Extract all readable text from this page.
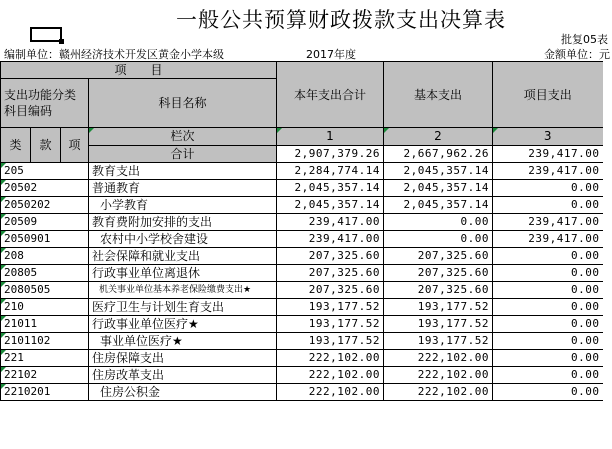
一般公共预算财政拨款支出决算表
批复05表
编制单位：赣州经济技术开发区黄金小学本级	2017年度	金额单位：元
项　　目				本年支出合计	基本支出	项目支出
支出功能分类科目编码			科目名称			

类	款	项	栏次	1	2	3
			合计	2,907,379.26	2,667,962.26	239,417.00
205			教育支出	2,284,774.14	2,045,357.14	239,417.00
20502			普通教育	2,045,357.14	2,045,357.14	0.00
2050202			小学教育	2,045,357.14	2,045,357.14	0.00
20509			教育费附加安排的支出	239,417.00	0.00	239,417.00
2050901			农村中小学校舍建设	239,417.00	0.00	239,417.00
208			社会保障和就业支出	207,325.60	207,325.60	0.00
20805			行政事业单位离退休	207,325.60	207,325.60	0.00
2080505			机关事业单位基本养老保险缴费支出★	207,325.60	207,325.60	0.00
210			医疗卫生与计划生育支出	193,177.52	193,177.52	0.00
21011			行政事业单位医疗★	193,177.52	193,177.52	0.00
2101102			事业单位医疗★	193,177.52	193,177.52	0.00
221			住房保障支出	222,102.00	222,102.00	0.00
22102			住房改革支出	222,102.00	222,102.00	0.00
2210201			住房公积金	222,102.00	222,102.00	0.00
